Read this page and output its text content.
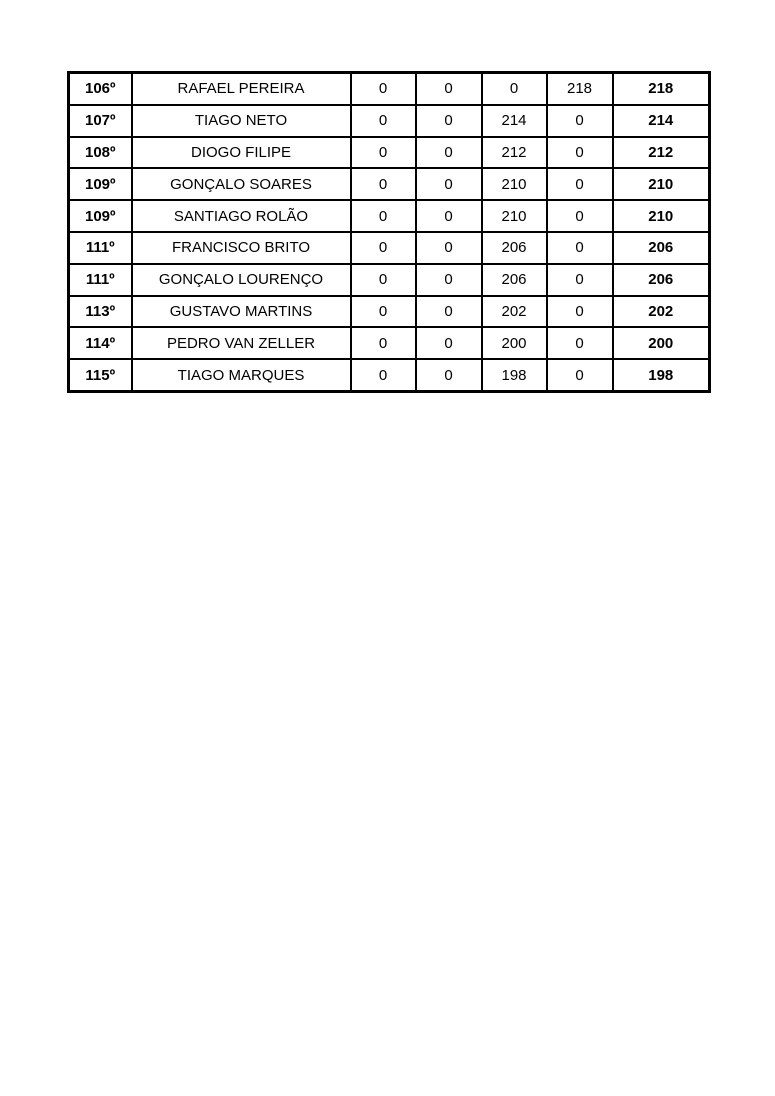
106º	RAFAEL PEREIRA	0	0	0	218	218
107º	TIAGO NETO	0	0	214	0	214
108º	DIOGO FILIPE	0	0	212	0	212
109º	GONÇALO SOARES	0	0	210	0	210
109º	SANTIAGO ROLÃO	0	0	210	0	210
111º	FRANCISCO BRITO	0	0	206	0	206
111º	GONÇALO LOURENÇO	0	0	206	0	206
113º	GUSTAVO MARTINS	0	0	202	0	202
114º	PEDRO VAN ZELLER	0	0	200	0	200
115º	TIAGO MARQUES	0	0	198	0	198
